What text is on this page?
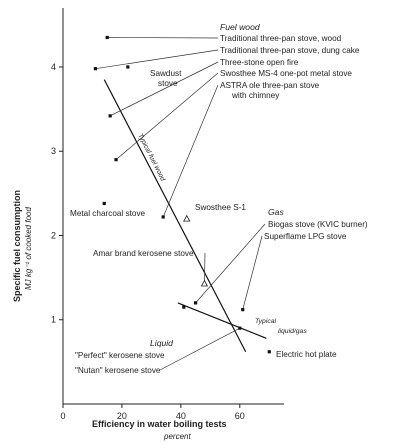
0	20	40	60
1
2
3
4
Traditional three-pan stove, wood
Traditional three-pan stove, dung cake
Sawdust
stove
Three-stone open fire
Swosthee MS-4 one-pot metal stove
ASTRA ole three-pan stove
with chimney
Metal charcoal stove
Swosthee S-1
Biogas stove (KVIC burner)
Superflame LPG stove
Amar brand kerosene stove
"Perfect" kerosene stove
"Nutan" kerosene stove
Electric hot plate
Fuel wood
Gas
Liquid
Typical fuel wood
Typical
liquid/gas
Efficiency in water boiling tests
percent
Specific fuel consumption MJ kg⁻¹ of cooked food
